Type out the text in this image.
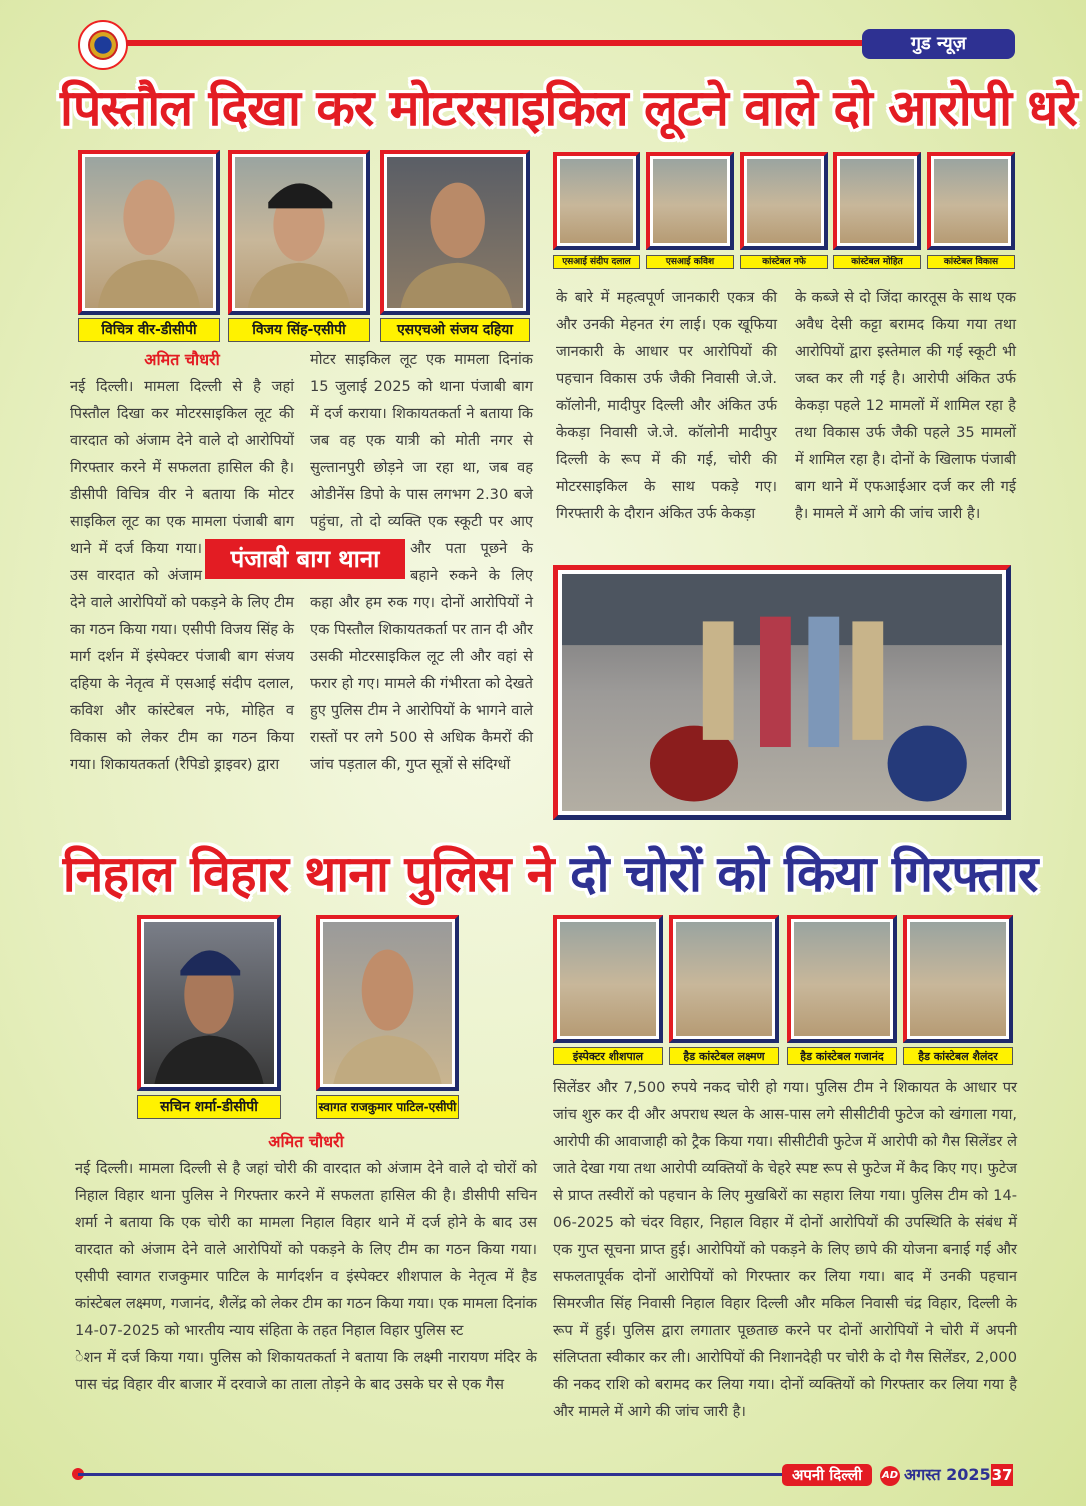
गुड न्यूज़
पिस्तौल दिखा कर मोटरसाइकिल लूटने वाले दो आरोपी धरे
विचित्र वीर-डीसीपी	विजय सिंह-एसीपी	एसएचओ संजय दहिया
एसआई संदीप दलाल	एसआई कविश	कांस्टेबल नफे	कांस्टेबल मोहित	कांस्टेबल विकास
अमित चौधरी
नई दिल्ली। मामला दिल्ली से है जहां पिस्तौल दिखा कर मोटरसाइकिल लूट की वारदात को अंजाम देने वाले दो आरोपियों गिरफ्तार करने में सफलता हासिल की है। डीसीपी विचित्र वीर ने बताया कि मोटर साइकिल लूट का एक मामला पंजाबी बाग थाने में दर्ज किया गया। उस वारदात को अंजाम देने वाले आरोपियों को पकड़ने के लिए टीम का गठन किया गया। एसीपी विजय सिंह के मार्ग दर्शन में इंस्पेक्टर पंजाबी बाग संजय दहिया के नेतृत्व में एसआई संदीप दलाल, कविश और कांस्टेबल नफे, मोहित व विकास को लेकर टीम का गठन किया गया। शिकायतकर्ता (रैपिडो ड्राइवर) द्वारा
मोटर साइकिल लूट एक मामला दिनांक 15 जुलाई 2025 को थाना पंजाबी बाग में दर्ज कराया। शिकायतकर्ता ने बताया कि जब वह एक यात्री को मोती नगर से सुल्तानपुरी छोड़ने जा रहा था, जब वह ओडीनेंस डिपो के पास लगभग 2.30 बजे पहुंचा, तो दो व्यक्ति एक स्कूटी पर आए और पता पूछने के बहाने रुकने के लिए कहा और हम रुक गए। दोनों आरोपियों ने एक पिस्तौल शिकायतकर्ता पर तान दी और उसकी मोटरसाइकिल लूट ली और वहां से फरार हो गए। मामले की गंभीरता को देखते हुए पुलिस टीम ने आरोपियों के भागने वाले रास्तों पर लगे 500 से अधिक कैमरों की जांच पड़ताल की, गुप्त सूत्रों से संदिग्धों
पंजाबी बाग थाना
के बारे में महत्वपूर्ण जानकारी एकत्र की और उनकी मेहनत रंग लाई। एक खूफिया जानकारी के आधार पर आरोपियों की पहचान विकास उर्फ जैकी निवासी जे.जे. कॉलोनी, मादीपुर दिल्ली और अंकित उर्फ केकड़ा निवासी जे.जे. कॉलोनी मादीपुर दिल्ली के रूप में की गई, चोरी की मोटरसाइकिल के साथ पकड़े गए। गिरफ्तारी के दौरान अंकित उर्फ केकड़ा
के कब्जे से दो जिंदा कारतूस के साथ एक अवैध देसी कट्टा बरामद किया गया तथा आरोपियों द्वारा इस्तेमाल की गई स्कूटी भी जब्त कर ली गई है। आरोपी अंकित उर्फ केकड़ा पहले 12 मामलों में शामिल रहा है तथा विकास उर्फ जैकी पहले 35 मामलों में शामिल रहा है। दोनों के खिलाफ पंजाबी बाग थाने में एफआईआर दर्ज कर ली गई है। मामले में आगे की जांच जारी है।
निहाल विहार थाना पुलिस ने दो चोरों को किया गिरफ्तार
सचिन शर्मा-डीसीपी	स्वागत राजकुमार पाटिल-एसीपी
इंस्पेक्टर शीशपाल	हैड कांस्टेबल लक्ष्मण	हैड कांस्टेबल गजानंद	हैड कांस्टेबल शैलंदर
अमित चौधरी
नई दिल्ली। मामला दिल्ली से है जहां चोरी की वारदात को अंजाम देने वाले दो चोरों को निहाल विहार थाना पुलिस ने गिरफ्तार करने में सफलता हासिल की है। डीसीपी सचिन शर्मा ने बताया कि एक चोरी का मामला निहाल विहार थाने में दर्ज होने के बाद उस वारदात को अंजाम देने वाले आरोपियों को पकड़ने के लिए टीम का गठन किया गया। एसीपी स्वागत राजकुमार पाटिल के मार्गदर्शन व इंस्पेक्टर शीशपाल के नेतृत्व में हैड कांस्टेबल लक्ष्मण, गजानंद, शैलेंद्र को लेकर टीम का गठन किया गया। एक मामला दिनांक 14-07-2025 को भारतीय न्याय संहिता के तहत निहाल विहार पुलिस स्ट
ेशन में दर्ज किया गया। पुलिस को शिकायतकर्ता ने बताया कि लक्ष्मी नारायण मंदिर के पास चंद्र विहार वीर बाजार में दरवाजे का ताला तोड़ने के बाद उसके घर से एक गैस
सिलेंडर और 7,500 रुपये नकद चोरी हो गया। पुलिस टीम ने शिकायत के आधार पर जांच शुरु कर दी और अपराध स्थल के आस-पास लगे सीसीटीवी फुटेज को खंगाला गया, आरोपी की आवाजाही को ट्रैक किया गया। सीसीटीवी फुटेज में आरोपी को गैस सिलेंडर ले जाते देखा गया तथा आरोपी व्यक्तियों के चेहरे स्पष्ट रूप से फुटेज में कैद किए गए। फुटेज से प्राप्त तस्वीरों को पहचान के लिए मुखबिरों का सहारा लिया गया। पुलिस टीम को 14-06-2025 को चंदर विहार, निहाल विहार में दोनों आरोपियों की उपस्थिति के संबंध में एक गुप्त सूचना प्राप्त हुई। आरोपियों को पकड़ने के लिए छापे की योजना बनाई गई और सफलतापूर्वक दोनों आरोपियों को गिरफ्तार कर लिया गया। बाद में उनकी पहचान सिमरजीत सिंह निवासी निहाल विहार दिल्ली और मकिल निवासी चंद्र विहार, दिल्ली के रूप में हुई। पुलिस द्वारा लगातार पूछताछ करने पर दोनों आरोपियों ने चोरी में अपनी संलिप्तता स्वीकार कर ली। आरोपियों की निशानदेही पर चोरी के दो गैस सिलेंडर, 2,000 की नकद राशि को बरामद कर लिया गया। दोनों व्यक्तियों को गिरफ्तार कर लिया गया है और मामले में आगे की जांच जारी है।
अपनी दिल्ली	AD अगस्त 2025 37
